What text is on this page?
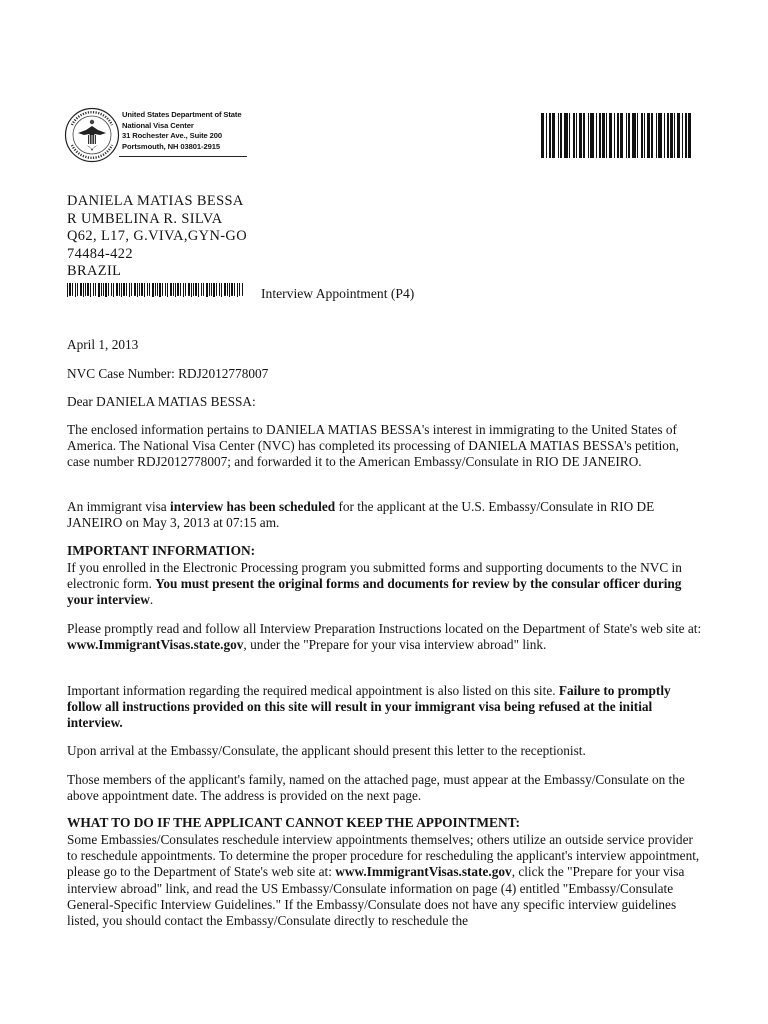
United States Department of State
National Visa Center
31 Rochester Ave., Suite 200
Portsmouth, NH 03801-2915
DANIELA MATIAS BESSA
R UMBELINA R. SILVA
Q62, L17, G.VIVA,GYN-GO
74484-422
BRAZIL
Interview Appointment (P4)
April 1, 2013
NVC Case Number: RDJ2012778007
Dear DANIELA MATIAS BESSA:
The enclosed information pertains to DANIELA MATIAS BESSA's interest in immigrating to the United States of America. The National Visa Center (NVC) has completed its processing of DANIELA MATIAS BESSA's petition, case number RDJ2012778007; and forwarded it to the American Embassy/Consulate in RIO DE JANEIRO.
An immigrant visa interview has been scheduled for the applicant at the U.S. Embassy/Consulate in RIO DE JANEIRO on May 3, 2013 at 07:15 am.
IMPORTANT INFORMATION:
If you enrolled in the Electronic Processing program you submitted forms and supporting documents to the NVC in electronic form. You must present the original forms and documents for review by the consular officer during your interview.
Please promptly read and follow all Interview Preparation Instructions located on the Department of State's web site at: www.ImmigrantVisas.state.gov, under the "Prepare for your visa interview abroad" link.
Important information regarding the required medical appointment is also listed on this site. Failure to promptly follow all instructions provided on this site will result in your immigrant visa being refused at the initial interview.
Upon arrival at the Embassy/Consulate, the applicant should present this letter to the receptionist.
Those members of the applicant's family, named on the attached page, must appear at the Embassy/Consulate on the above appointment date. The address is provided on the next page.
WHAT TO DO IF THE APPLICANT CANNOT KEEP THE APPOINTMENT:
Some Embassies/Consulates reschedule interview appointments themselves; others utilize an outside service provider to reschedule appointments. To determine the proper procedure for rescheduling the applicant's interview appointment, please go to the Department of State's web site at: www.ImmigrantVisas.state.gov, click the "Prepare for your visa interview abroad" link, and read the US Embassy/Consulate information on page (4) entitled "Embassy/Consulate General-Specific Interview Guidelines." If the Embassy/Consulate does not have any specific interview guidelines listed, you should contact the Embassy/Consulate directly to reschedule the
